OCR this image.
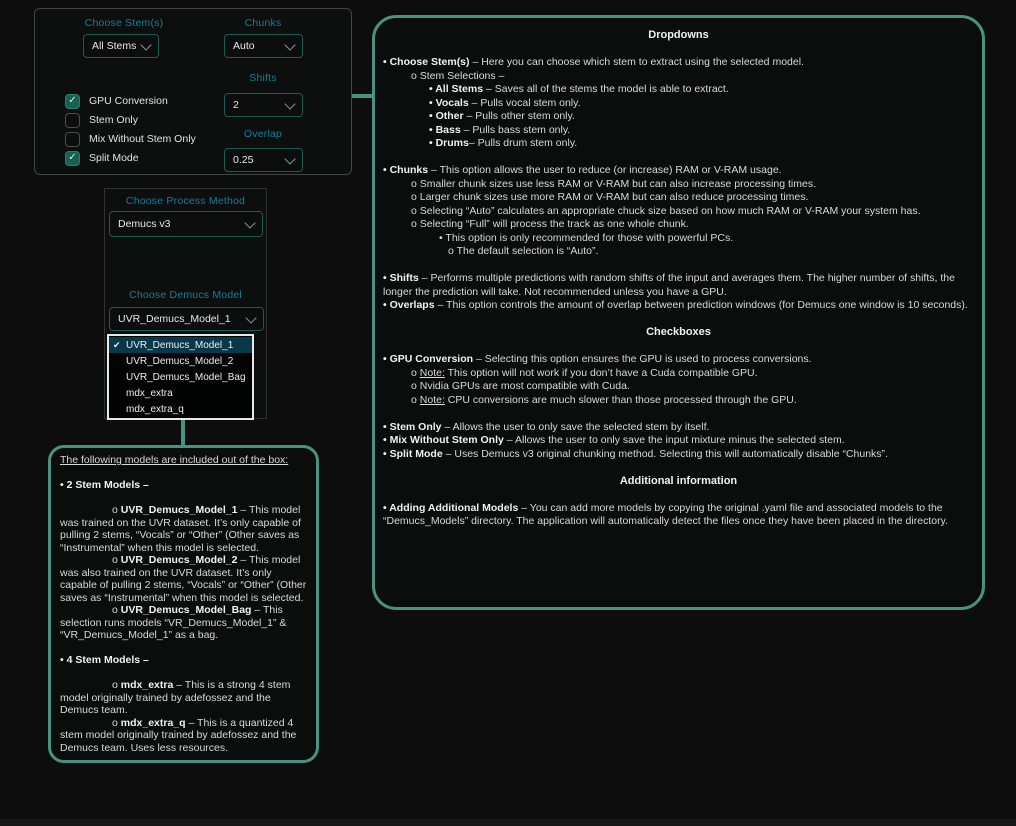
Choose Stem(s)
All Stems
Chunks
Auto
Shifts
2
Overlap
0.25
✓	GPU Conversion
Stem Only
Mix Without Stem Only
✓	Split Mode
Choose Process Method
Demucs v3
Choose Demucs Model
UVR_Demucs_Model_1
✔ UVR_Demucs_Model_1
UVR_Demucs_Model_2
UVR_Demucs_Model_Bag
mdx_extra
mdx_extra_q
Dropdowns
• Choose Stem(s) – Here you can choose which stem to extract using the selected model.
o Stem Selections –
• All Stems – Saves all of the stems the model is able to extract.
• Vocals – Pulls vocal stem only.
• Other – Pulls other stem only.
• Bass – Pulls bass stem only.
• Drums– Pulls drum stem only.
• Chunks – This option allows the user to reduce (or increase) RAM or V-RAM usage.
o Smaller chunk sizes use less RAM or V-RAM but can also increase processing times.
o Larger chunk sizes use more RAM or V-RAM but can also reduce processing times.
o Selecting “Auto” calculates an appropriate chuck size based on how much RAM or V-RAM your system has.
o Selecting “Full” will process the track as one whole chunk.
• This option is only recommended for those with powerful PCs.
o The default selection is “Auto”.
• Shifts – Performs multiple predictions with random shifts of the input and averages them. The higher number of shifts, the longer the prediction will take. Not recommended unless you have a GPU.
• Overlaps – This option controls the amount of overlap between prediction windows (for Demucs one window is 10 seconds).
Checkboxes
• GPU Conversion – Selecting this option ensures the GPU is used to process conversions.
o Note: This option will not work if you don’t have a Cuda compatible GPU.
o Nvidia GPUs are most compatible with Cuda.
o Note: CPU conversions are much slower than those processed through the GPU.
• Stem Only – Allows the user to only save the selected stem by itself.
• Mix Without Stem Only – Allows the user to only save the input mixture minus the selected stem.
• Split Mode – Uses Demucs v3 original chunking method. Selecting this will automatically disable “Chunks”.
Additional information
• Adding Additional Models – You can add more models by copying the original .yaml file and associated models to the “Demucs_Models” directory. The application will automatically detect the files once they have been placed in the directory.
The following models are included out of the box:
• 2 Stem Models –
o UVR_Demucs_Model_1 – This model was trained on the UVR dataset. It’s only capable of pulling 2 stems, “Vocals” or “Other” (Other saves as “Instrumental” when this model is selected.
o UVR_Demucs_Model_2 – This model was also trained on the UVR dataset. It’s only capable of pulling 2 stems, “Vocals” or “Other” (Other saves as “Instrumental” when this model is selected.
o UVR_Demucs_Model_Bag – This selection runs models “VR_Demucs_Model_1” & “VR_Demucs_Model_1” as a bag.
• 4 Stem Models –
o mdx_extra – This is a strong 4 stem model originally trained by adefossez and the Demucs team.
o mdx_extra_q – This is a quantized 4 stem model originally trained by adefossez and the Demucs team. Uses less resources.
